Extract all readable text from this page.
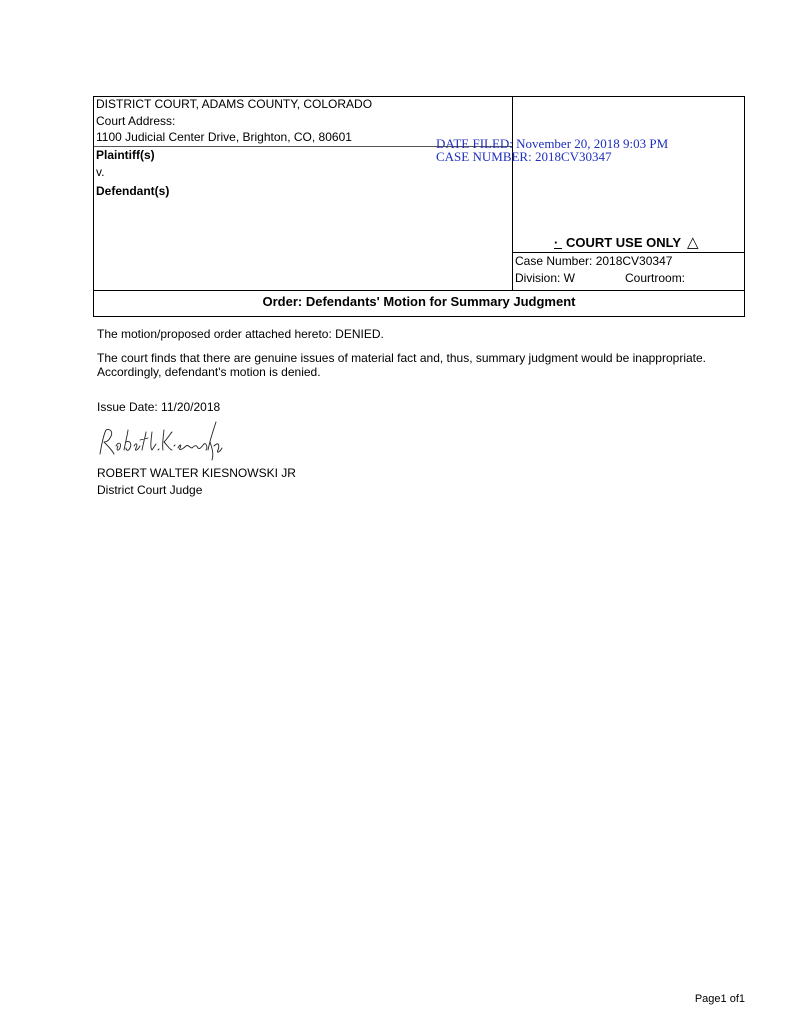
DISTRICT COURT, ADAMS COUNTY, COLORADO
Court Address:
1100 Judicial Center Drive, Brighton, CO, 80601
Plaintiff(s)
v.
Defendant(s)
· COURT USE ONLY △
Case Number: 2018CV30347
Division: W	Courtroom:
Order: Defendants' Motion for Summary Judgment
DATE FILED: November 20, 2018 9:03 PM
CASE NUMBER: 2018CV30347
The motion/proposed order attached hereto: DENIED.
The court finds that there are genuine issues of material fact and, thus, summary judgment would be inappropriate.
Accordingly, defendant's motion is denied.
Issue Date: 11/20/2018
ROBERT WALTER KIESNOWSKI JR
District Court Judge
Page1 of1
